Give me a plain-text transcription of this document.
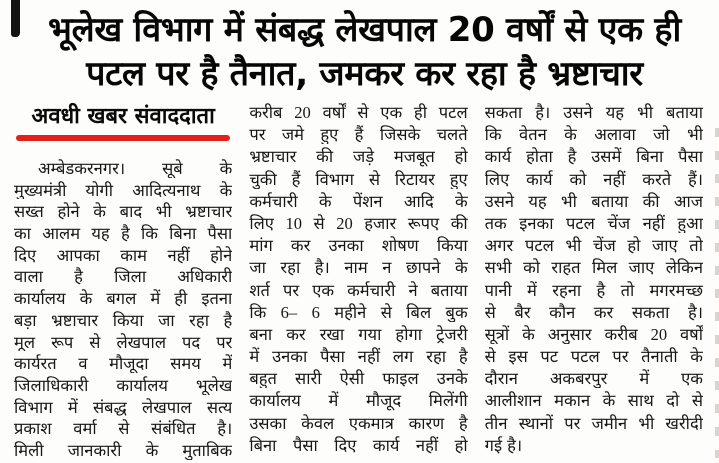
भूलेख विभाग में संबद्ध लेखपाल 20 वर्षों से एक ही
पटल पर है तैनात, जमकर कर रहा है भ्रष्टाचार
अवधी खबर संवाददाता
अम्बेडकरनगर। सूबे के
मुख्यमंत्री योगी आदित्यनाथ के
सख्त होने के बाद भी भ्रष्टाचार
का आलम यह है कि बिना पैसा
दिए आपका काम नहीं होने
वाला है जिला अधिकारी
कार्यालय के बगल में ही इतना
बड़ा भ्रष्टाचार किया जा रहा है
मूल रूप से लेखपाल पद पर
कार्यरत व मौजूदा समय में
जिलाधिकारी कार्यालय भूलेख
विभाग में संबद्ध लेखपाल सत्य
प्रकाश वर्मा से संबंधित है।
मिली जानकारी के मुताबिक
करीब 20 वर्षों से एक ही पटल
पर जमे हुए हैं जिसके चलते
भ्रष्टाचार की जड़े मजबूत हो
चुकी हैं विभाग से रिटायर हुए
कर्मचारी के पेंशन आदि के
लिए 10 से 20 हजार रूपए की
मांग कर उनका शोषण किया
जा रहा है। नाम न छापने के
शर्त पर एक कर्मचारी ने बताया
कि 6– 6 महीने से बिल बुक
बना कर रखा गया होगा ट्रेजरी
में उनका पैसा नहीं लग रहा है
बहुत सारी ऐसी फाइल उनके
कार्यालय में मौजूद मिलेंगी
उसका केवल एकमात्र कारण है
बिना पैसा दिए कार्य नहीं हो
सकता है। उसने यह भी बताया
कि वेतन के अलावा जो भी
कार्य होता है उसमें बिना पैसा
लिए कार्य को नहीं करते हैं।
उसने यह भी बताया की आज
तक इनका पटल चेंज नहीं हुआ
अगर पटल भी चेंज हो जाए तो
सभी को राहत मिल जाए लेकिन
पानी में रहना है तो मगरमच्छ
से बैर कौन कर सकता है।
सूत्रों के अनुसार करीब 20 वर्षों
से इस पट पटल पर तैनाती के
दौरान अकबरपुर में एक
आलीशान मकान के साथ दो से
तीन स्थानों पर जमीन भी खरीदी
गई है।
